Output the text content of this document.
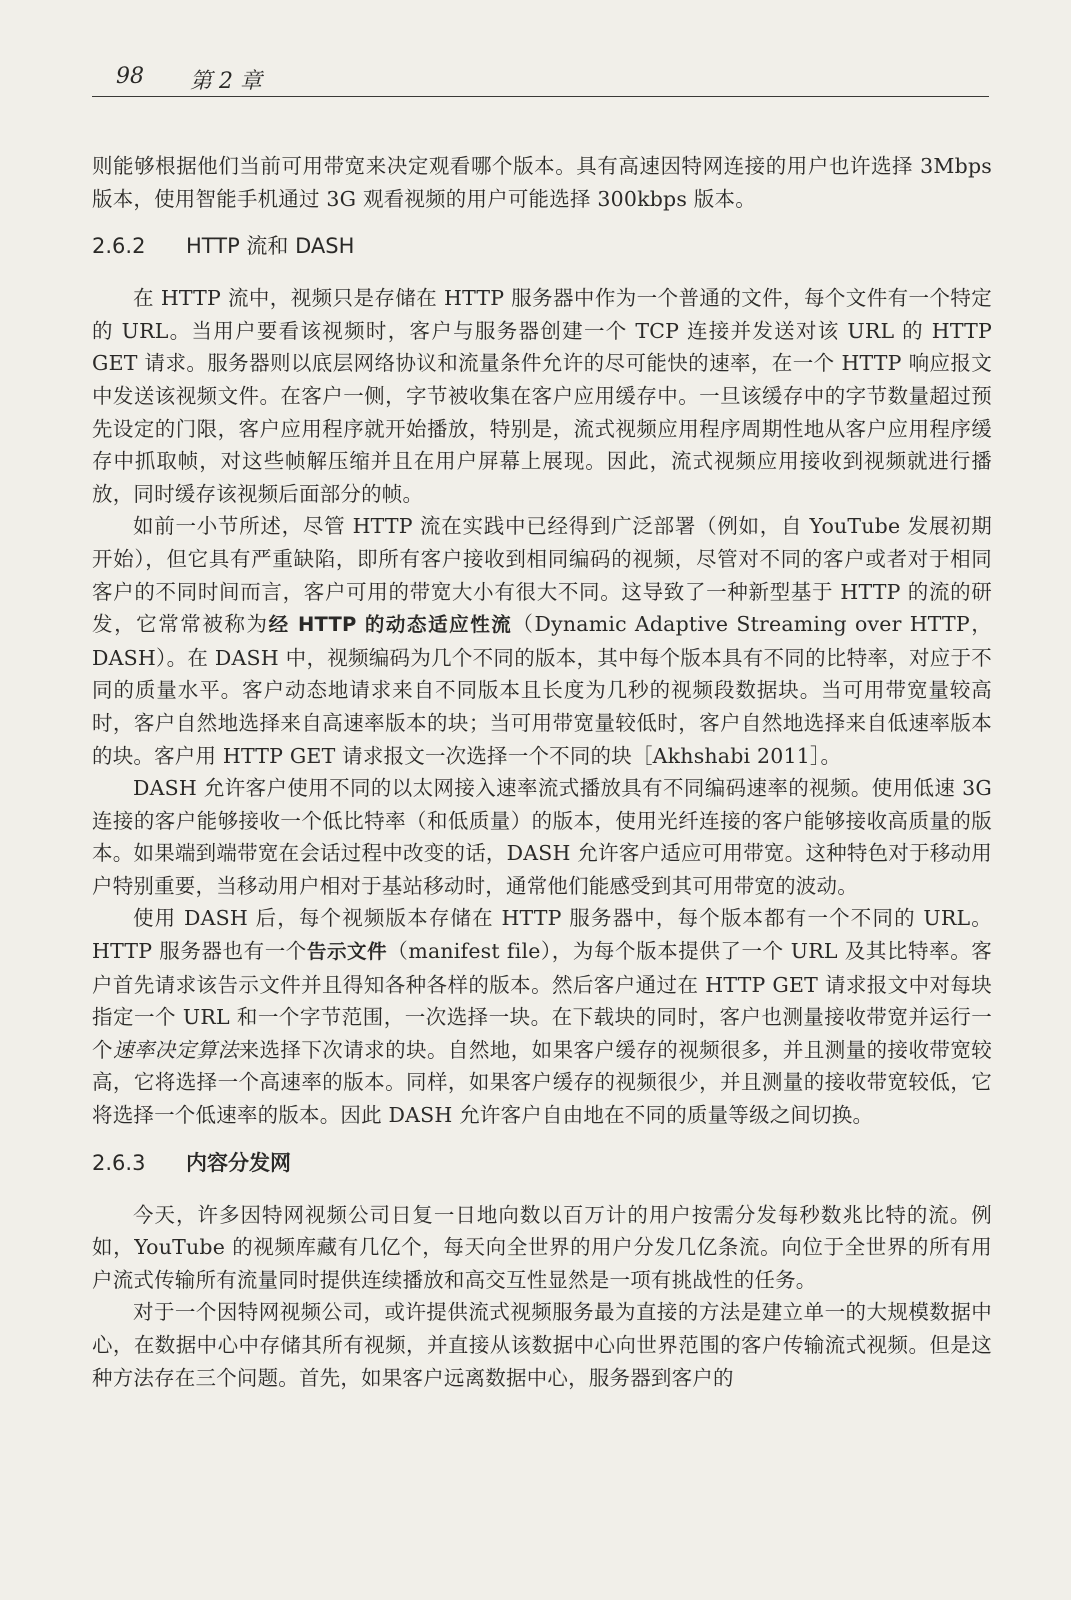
98 第 2 章

则能够根据他们当前可用带宽来决定观看哪个版本。具有高速因特网连接的用户也许选择 3Mbps 版本，使用智能手机通过 3G 观看视频的用户可能选择 300kbps 版本。

2.6.2 HTTP 流和 DASH

在 HTTP 流中，视频只是存储在 HTTP 服务器中作为一个普通的文件，每个文件有一个特定的 URL。当用户要看该视频时，客户与服务器创建一个 TCP 连接并发送对该 URL 的 HTTP GET 请求。服务器则以底层网络协议和流量条件允许的尽可能快的速率，在一个 HTTP 响应报文中发送该视频文件。在客户一侧，字节被收集在客户应用缓存中。一旦该缓存中的字节数量超过预先设定的门限，客户应用程序就开始播放，特别是，流式视频应用程序周期性地从客户应用程序缓存中抓取帧，对这些帧解压缩并且在用户屏幕上展现。因此，流式视频应用接收到视频就进行播放，同时缓存该视频后面部分的帧。

如前一小节所述，尽管 HTTP 流在实践中已经得到广泛部署（例如，自 YouTube 发展初期开始），但它具有严重缺陷，即所有客户接收到相同编码的视频，尽管对不同的客户或者对于相同客户的不同时间而言，客户可用的带宽大小有很大不同。这导致了一种新型基于 HTTP 的流的研发，它常常被称为经 HTTP 的动态适应性流（Dynamic Adaptive Streaming over HTTP，DASH）。在 DASH 中，视频编码为几个不同的版本，其中每个版本具有不同的比特率，对应于不同的质量水平。客户动态地请求来自不同版本且长度为几秒的视频段数据块。当可用带宽量较高时，客户自然地选择来自高速率版本的块；当可用带宽量较低时，客户自然地选择来自低速率版本的块。客户用 HTTP GET 请求报文一次选择一个不同的块［Akhshabi 2011］。

DASH 允许客户使用不同的以太网接入速率流式播放具有不同编码速率的视频。使用低速 3G 连接的客户能够接收一个低比特率（和低质量）的版本，使用光纤连接的客户能够接收高质量的版本。如果端到端带宽在会话过程中改变的话，DASH 允许客户适应可用带宽。这种特色对于移动用户特别重要，当移动用户相对于基站移动时，通常他们能感受到其可用带宽的波动。

使用 DASH 后，每个视频版本存储在 HTTP 服务器中，每个版本都有一个不同的 URL。HTTP 服务器也有一个告示文件（manifest file），为每个版本提供了一个 URL 及其比特率。客户首先请求该告示文件并且得知各种各样的版本。然后客户通过在 HTTP GET 请求报文中对每块指定一个 URL 和一个字节范围，一次选择一块。在下载块的同时，客户也测量接收带宽并运行一个速率决定算法来选择下次请求的块。自然地，如果客户缓存的视频很多，并且测量的接收带宽较高，它将选择一个高速率的版本。同样，如果客户缓存的视频很少，并且测量的接收带宽较低，它将选择一个低速率的版本。因此 DASH 允许客户自由地在不同的质量等级之间切换。

2.6.3 内容分发网

今天，许多因特网视频公司日复一日地向数以百万计的用户按需分发每秒数兆比特的流。例如，YouTube 的视频库藏有几亿个，每天向全世界的用户分发几亿条流。向位于全世界的所有用户流式传输所有流量同时提供连续播放和高交互性显然是一项有挑战性的任务。

对于一个因特网视频公司，或许提供流式视频服务最为直接的方法是建立单一的大规模数据中心，在数据中心中存储其所有视频，并直接从该数据中心向世界范围的客户传输流式视频。但是这种方法存在三个问题。首先，如果客户远离数据中心，服务器到客户的
